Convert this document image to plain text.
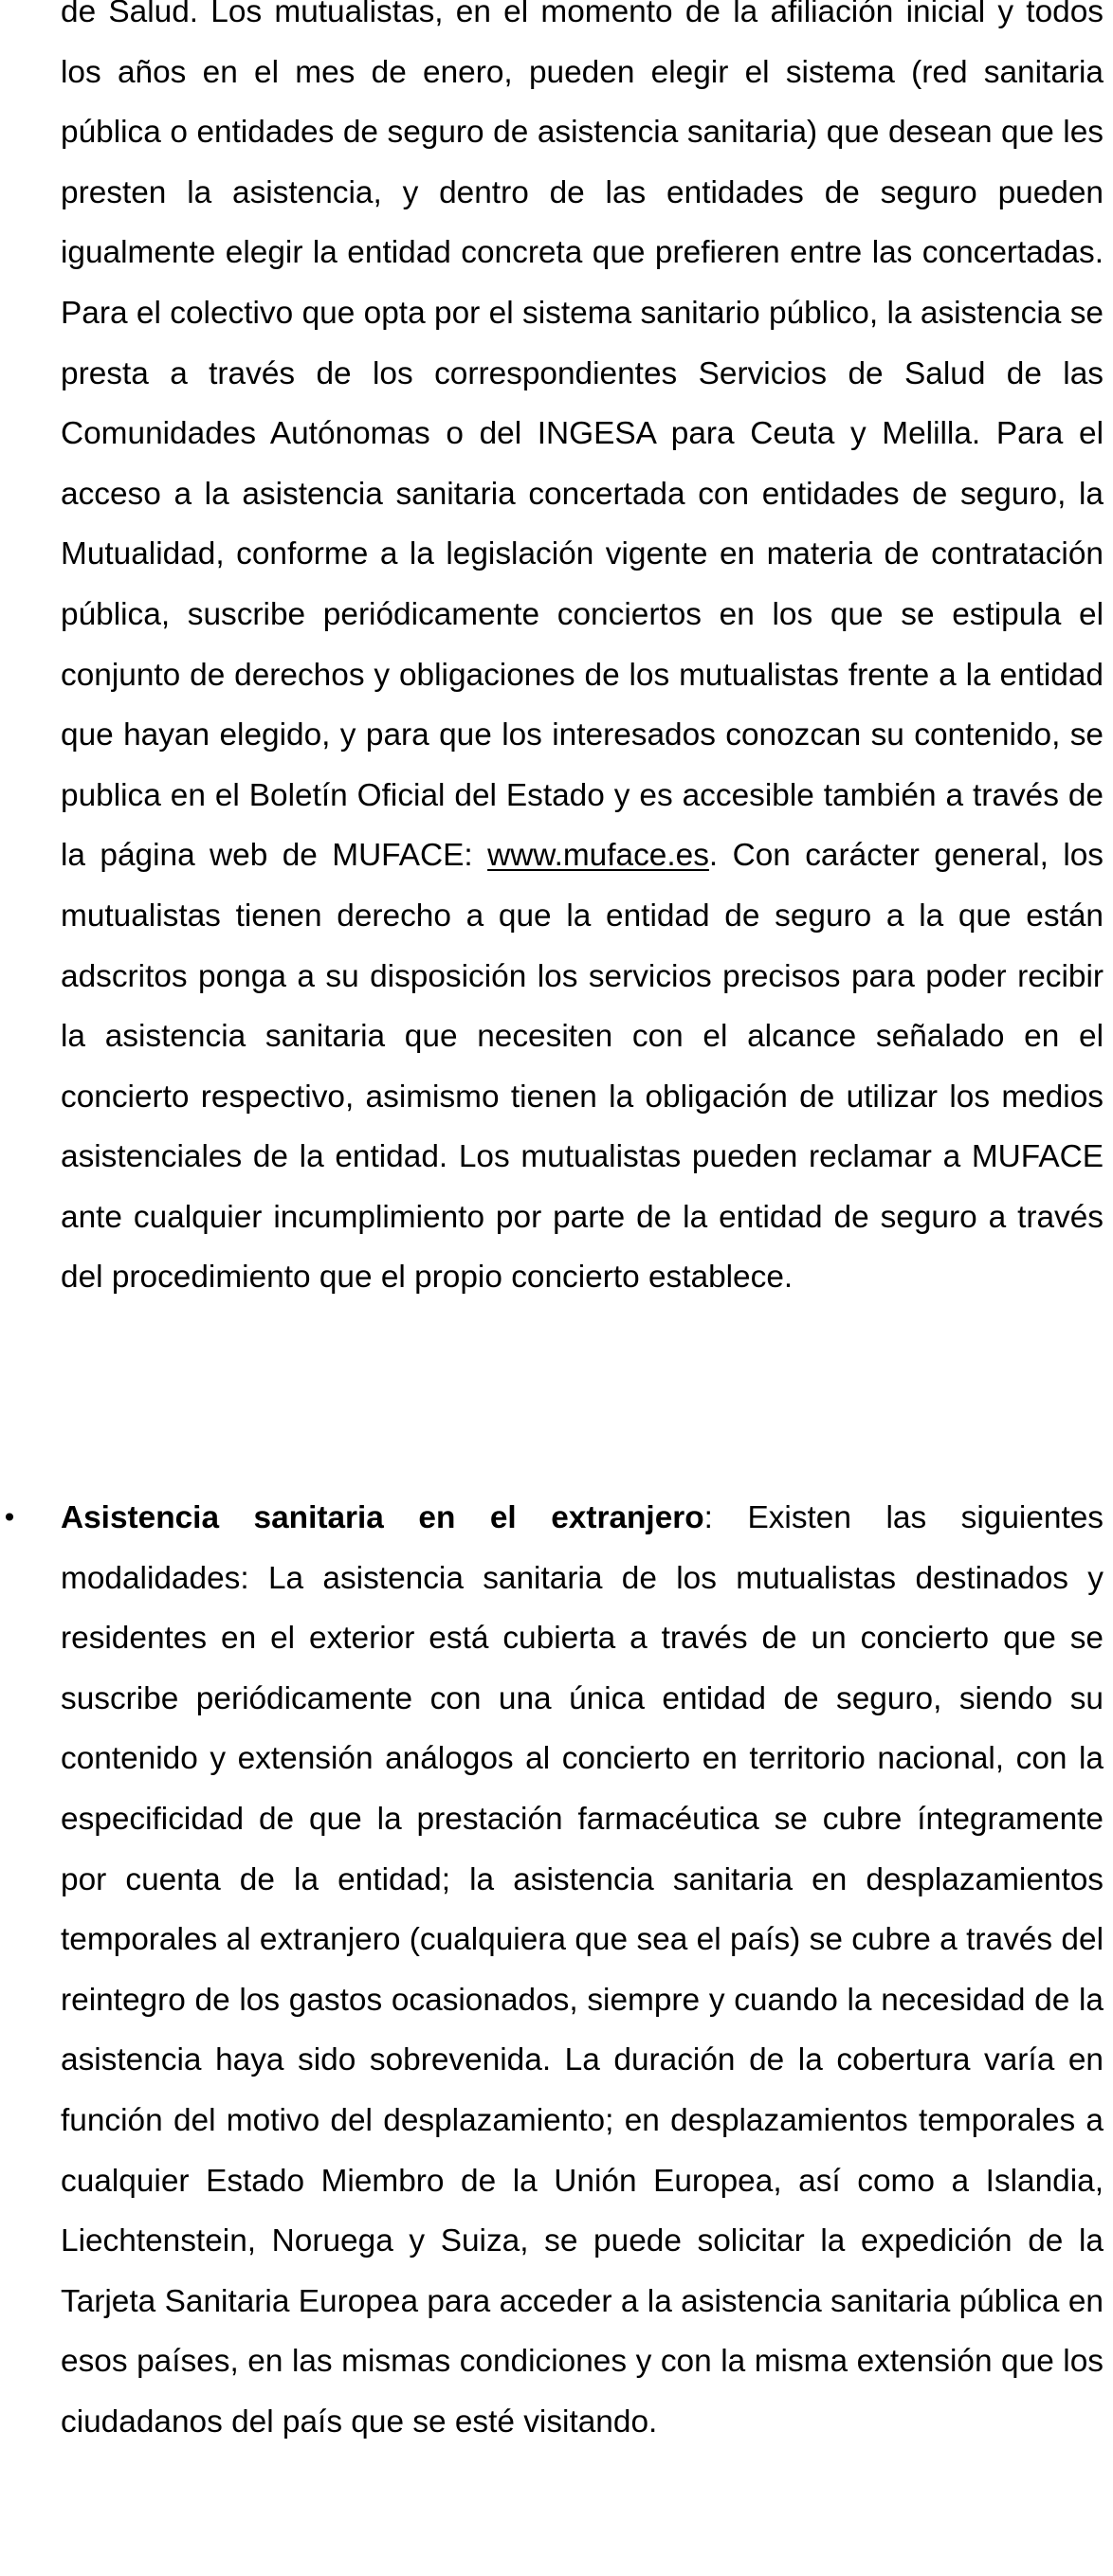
de Salud. Los mutualistas, en el momento de la afiliación inicial y todos los años en el mes de enero, pueden elegir el sistema (red sanitaria pública o entidades de seguro de asistencia sanitaria) que desean que les presten la asistencia, y dentro de las entidades de seguro pueden igualmente elegir la entidad concreta que prefieren entre las concertadas. Para el colectivo que opta por el sistema sanitario público, la asistencia se presta a través de los correspondientes Servicios de Salud de las Comunidades Autónomas o del INGESA para Ceuta y Melilla. Para el acceso a la asistencia sanitaria concertada con entidades de seguro, la Mutualidad, conforme a la legislación vigente en materia de contratación pública, suscribe periódicamente conciertos en los que se estipula el conjunto de derechos y obligaciones de los mutualistas frente a la entidad que hayan elegido, y para que los interesados conozcan su contenido, se publica en el Boletín Oficial del Estado y es accesible también a través de la página web de MUFACE: www.muface.es. Con carácter general, los mutualistas tienen derecho a que la entidad de seguro a la que están adscritos ponga a su disposición los servicios precisos para poder recibir la asistencia sanitaria que necesiten con el alcance señalado en el concierto respectivo, asimismo tienen la obligación de utilizar los medios asistenciales de la entidad. Los mutualistas pueden reclamar a MUFACE ante cualquier incumplimiento por parte de la entidad de seguro a través del procedimiento que el propio concierto establece.

• Asistencia sanitaria en el extranjero: Existen las siguientes modalidades: La asistencia sanitaria de los mutualistas destinados y residentes en el exterior está cubierta a través de un concierto que se suscribe periódicamente con una única entidad de seguro, siendo su contenido y extensión análogos al concierto en territorio nacional, con la especificidad de que la prestación farmacéutica se cubre íntegramente por cuenta de la entidad; la asistencia sanitaria en desplazamientos temporales al extranjero (cualquiera que sea el país) se cubre a través del reintegro de los gastos ocasionados, siempre y cuando la necesidad de la asistencia haya sido sobrevenida. La duración de la cobertura varía en función del motivo del desplazamiento; en desplazamientos temporales a cualquier Estado Miembro de la Unión Europea, así como a Islandia, Liechtenstein, Noruega y Suiza, se puede solicitar la expedición de la Tarjeta Sanitaria Europea para acceder a la asistencia sanitaria pública en esos países, en las mismas condiciones y con la misma extensión que los ciudadanos del país que se esté visitando.
